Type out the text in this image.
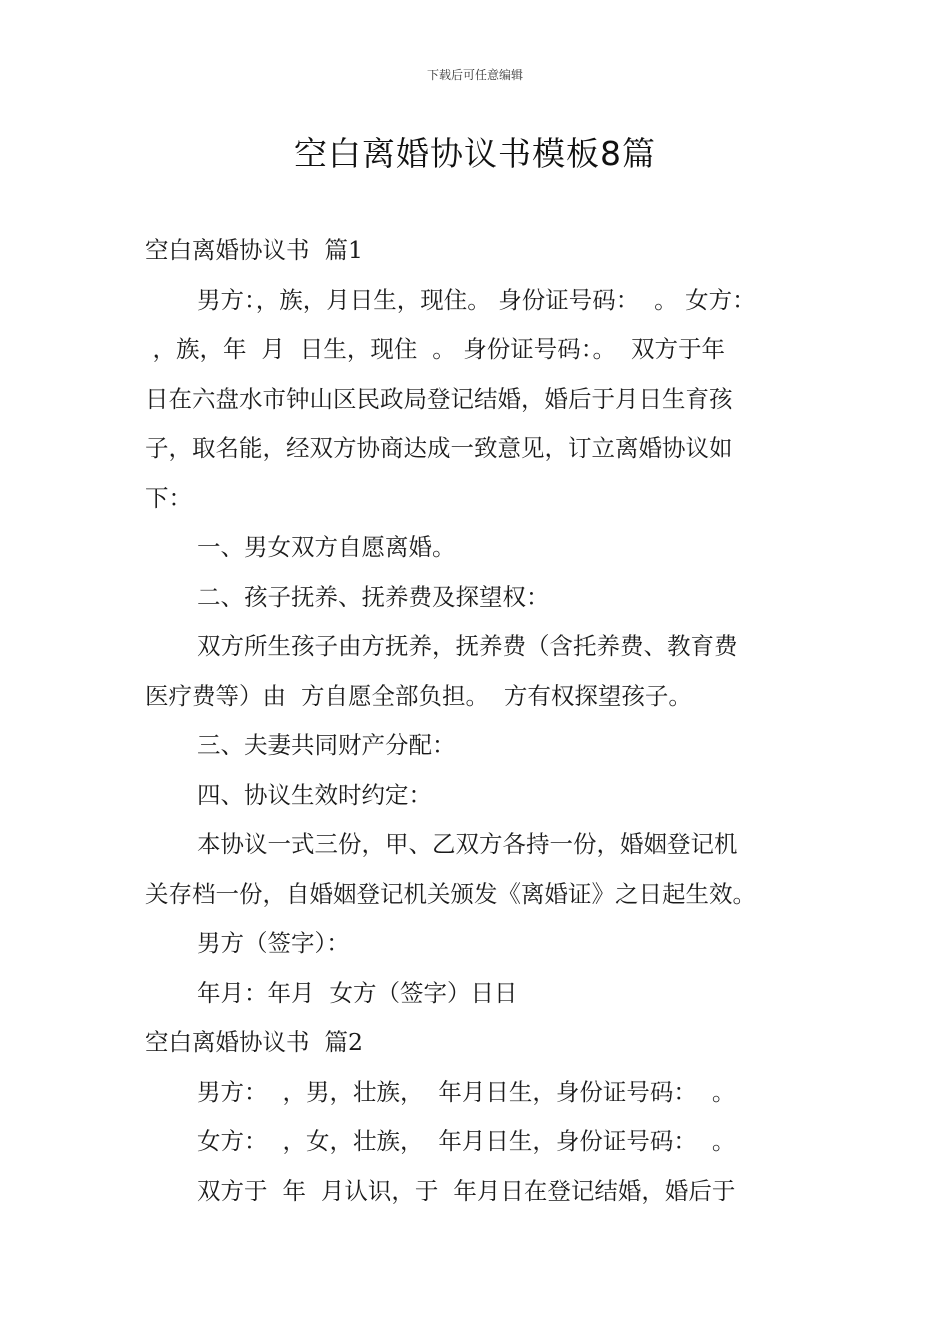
下载后可任意编辑
空白离婚协议书模板8篇
空白离婚协议书  篇1
男方：，族，月日生，现住。 身份证号码：  。 女方：
，族，年  月  日生，现住  。 身份证号码：。  双方于年
日在六盘水市钟山区民政局登记结婚，婚后于月日生育孩
子，取名能，经双方协商达成一致意见，订立离婚协议如
下：
一、男女双方自愿离婚。
二、孩子抚养、抚养费及探望权：
双方所生孩子由方抚养，抚养费（含托养费、教育费
医疗费等）由  方自愿全部负担。  方有权探望孩子。
三、夫妻共同财产分配：
四、协议生效时约定：
本协议一式三份，甲、乙双方各持一份，婚姻登记机
关存档一份，自婚姻登记机关颁发《离婚证》之日起生效。
男方（签字）：
年月：年月  女方（签字）日日
空白离婚协议书  篇2
男方：  ，男，壮族，  年月日生，身份证号码：  。
女方：  ，女，壮族，  年月日生，身份证号码：  。
双方于  年  月认识，于  年月日在登记结婚，婚后于
